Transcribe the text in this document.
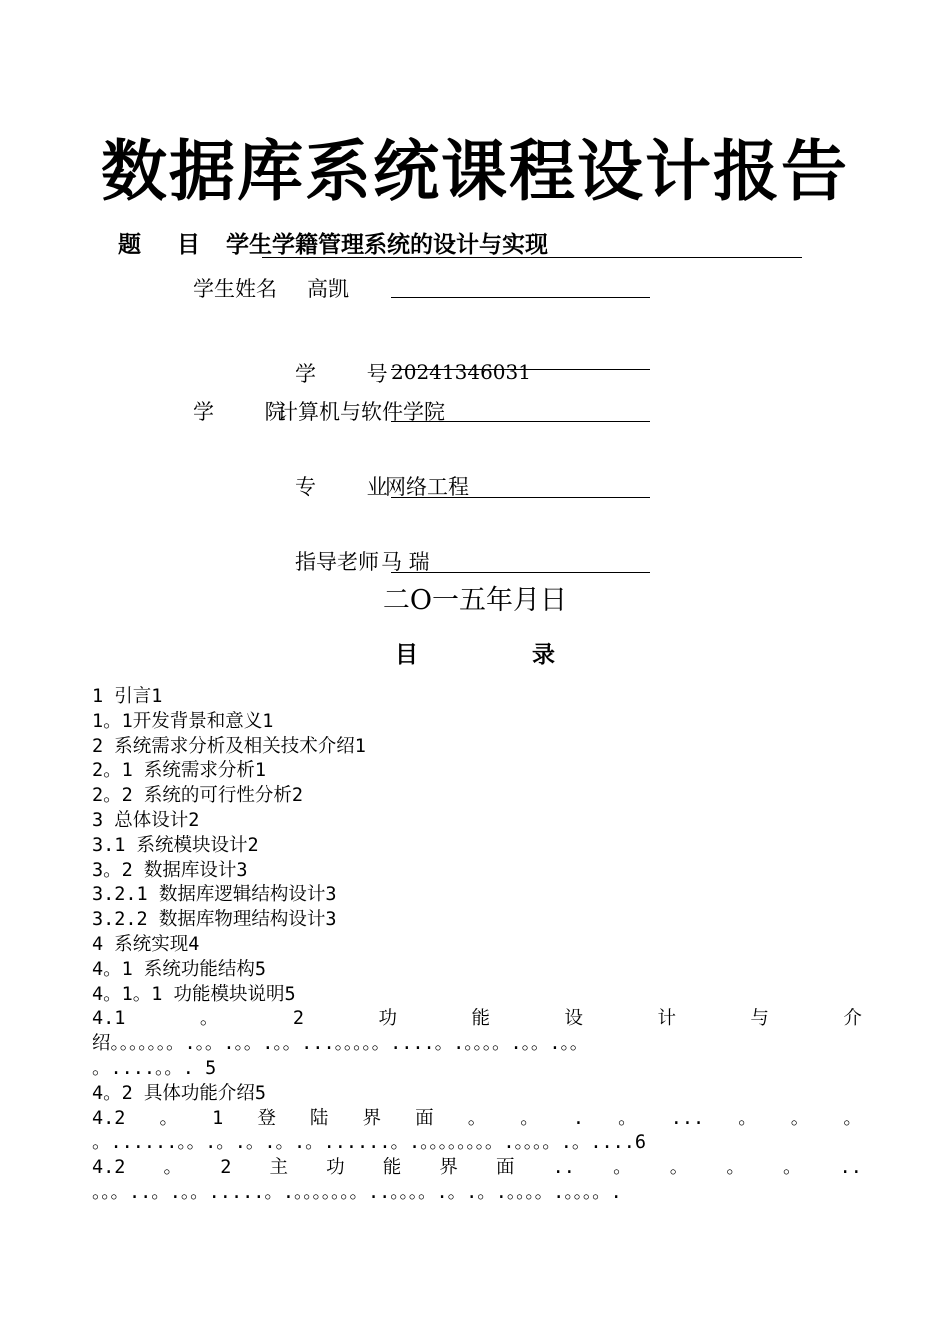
数据库系统课程设计报告
题 目 学生学籍管理系统的设计与实现
学生姓名 高凯
学 号
20241346031
学 院
计算机与软件学院
专 业
网络工程
指导老师 马 瑞
二O一五年月日
目	录
1 引言1
1。1开发背景和意义1
2 系统需求分析及相关技术介绍1
2。1 系统需求分析1
2。2 系统的可行性分析2
3 总体设计2
3.1 系统模块设计2
3。2 数据库设计3
3.2.1 数据库逻辑结构设计3
3.2.2 数据库物理结构设计3
4 系统实现4
4。1 系统功能结构5
4。1。1 功能模块说明5
4.1	。	2	功	能	设	计	与	介
绍。。。。。。。.。。.。。.。。...。。。。。....。.。。。。.。。.。。
。....。。. 5
4。2 具体功能介绍5
4.2 。 1 登 陆 界 面 。 。 . 。 ... 。 。 。
。......。。.。.。.。.。......。.。。。。。。。。.。。。。.。....6
4.2 。 2 主 功 能 界 面 .. 。 。 。 。 ..
。。。..。.。。.....。.。。。。。。。..。。。。.。.。.。。。。.。。。。.
